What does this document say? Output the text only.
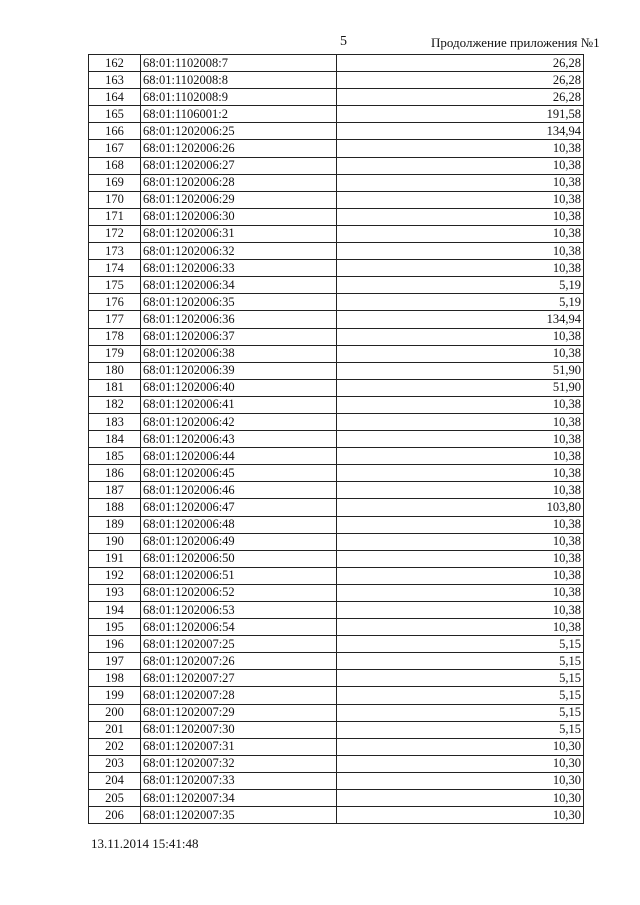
5	Продолжение приложения №1
162	68:01:1102008:7	26,28
163	68:01:1102008:8	26,28
164	68:01:1102008:9	26,28
165	68:01:1106001:2	191,58
166	68:01:1202006:25	134,94
167	68:01:1202006:26	10,38
168	68:01:1202006:27	10,38
169	68:01:1202006:28	10,38
170	68:01:1202006:29	10,38
171	68:01:1202006:30	10,38
172	68:01:1202006:31	10,38
173	68:01:1202006:32	10,38
174	68:01:1202006:33	10,38
175	68:01:1202006:34	5,19
176	68:01:1202006:35	5,19
177	68:01:1202006:36	134,94
178	68:01:1202006:37	10,38
179	68:01:1202006:38	10,38
180	68:01:1202006:39	51,90
181	68:01:1202006:40	51,90
182	68:01:1202006:41	10,38
183	68:01:1202006:42	10,38
184	68:01:1202006:43	10,38
185	68:01:1202006:44	10,38
186	68:01:1202006:45	10,38
187	68:01:1202006:46	10,38
188	68:01:1202006:47	103,80
189	68:01:1202006:48	10,38
190	68:01:1202006:49	10,38
191	68:01:1202006:50	10,38
192	68:01:1202006:51	10,38
193	68:01:1202006:52	10,38
194	68:01:1202006:53	10,38
195	68:01:1202006:54	10,38
196	68:01:1202007:25	5,15
197	68:01:1202007:26	5,15
198	68:01:1202007:27	5,15
199	68:01:1202007:28	5,15
200	68:01:1202007:29	5,15
201	68:01:1202007:30	5,15
202	68:01:1202007:31	10,30
203	68:01:1202007:32	10,30
204	68:01:1202007:33	10,30
205	68:01:1202007:34	10,30
206	68:01:1202007:35	10,30
13.11.2014 15:41:48
